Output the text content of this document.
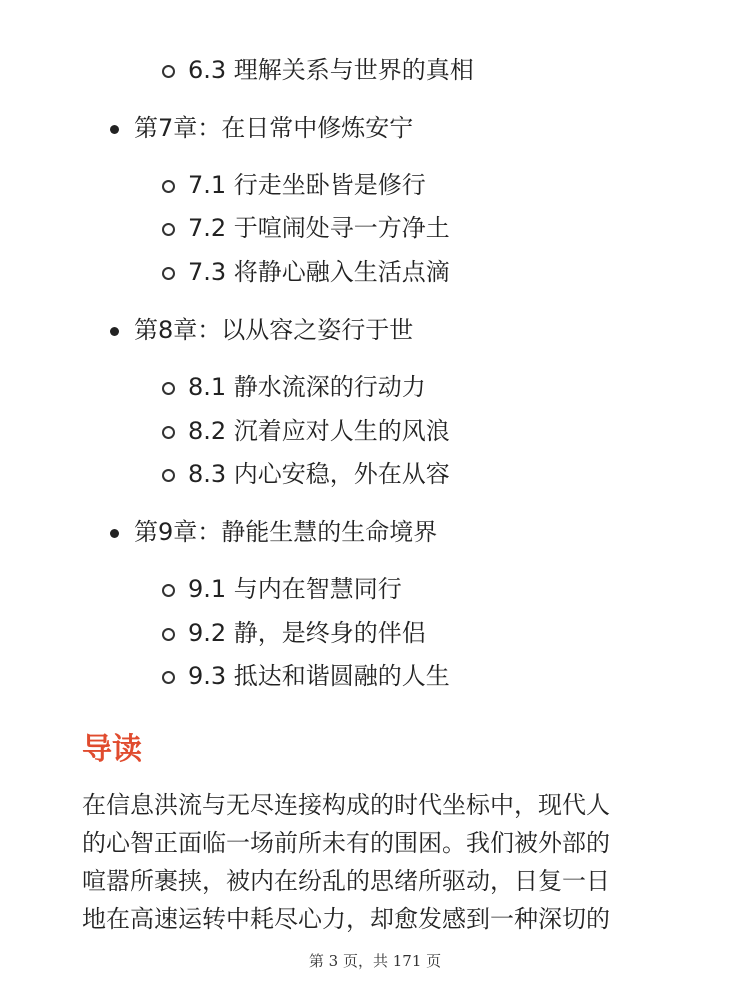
6.3 理解关系与世界的真相
第7章：在日常中修炼安宁
7.1 行走坐卧皆是修行
7.2 于喧闹处寻一方净土
7.3 将静心融入生活点滴
第8章：以从容之姿行于世
8.1 静水流深的行动力
8.2 沉着应对人生的风浪
8.3 内心安稳，外在从容
第9章：静能生慧的生命境界
9.1 与内在智慧同行
9.2 静，是终身的伴侣
9.3 抵达和谐圆融的人生
导读
在信息洪流与无尽连接构成的时代坐标中，现代人
的心智正面临一场前所未有的围困。我们被外部的
喧嚣所裹挟，被内在纷乱的思绪所驱动，日复一日
地在高速运转中耗尽心力，却愈发感到一种深切的
第 3 页，共 171 页
